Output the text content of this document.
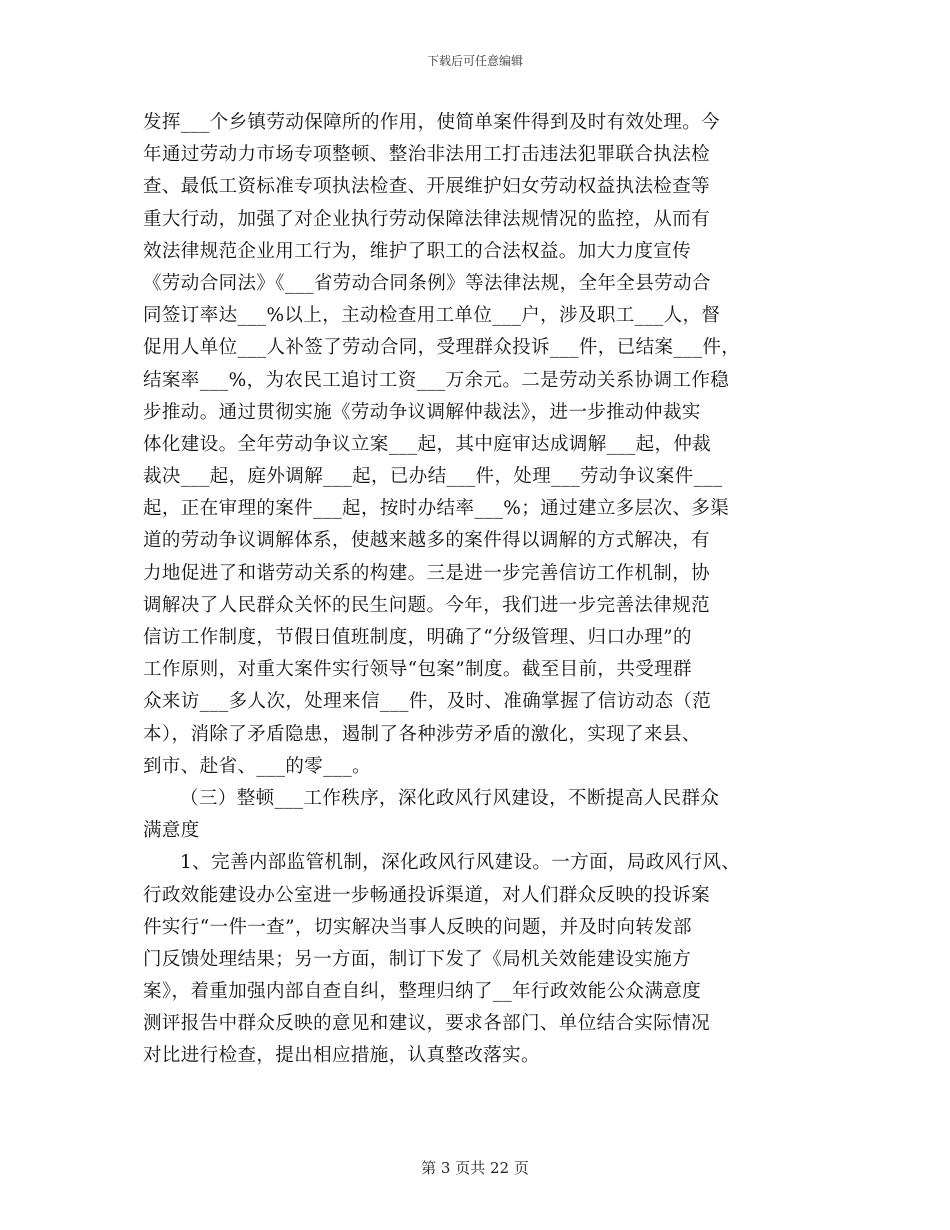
下载后可任意编辑
发挥___个乡镇劳动保障所的作用，使简单案件得到及时有效处理。今
年通过劳动力市场专项整顿、整治非法用工打击违法犯罪联合执法检
查、最低工资标准专项执法检查、开展维护妇女劳动权益执法检查等
重大行动，加强了对企业执行劳动保障法律法规情况的监控，从而有
效法律规范企业用工行为，维护了职工的合法权益。加大力度宣传
《劳动合同法》《___省劳动合同条例》等法律法规，全年全县劳动合
同签订率达___%以上，主动检查用工单位___户，涉及职工___人，督
促用人单位___人补签了劳动合同，受理群众投诉___件，已结案___件，
结案率___%，为农民工追讨工资___万余元。二是劳动关系协调工作稳
步推动。通过贯彻实施《劳动争议调解仲裁法》，进一步推动仲裁实
体化建设。全年劳动争议立案___起，其中庭审达成调解___起，仲裁
裁决___起，庭外调解___起，已办结___件，处理___劳动争议案件___
起，正在审理的案件___起，按时办结率___%；通过建立多层次、多渠
道的劳动争议调解体系，使越来越多的案件得以调解的方式解决，有
力地促进了和谐劳动关系的构建。三是进一步完善信访工作机制，协
调解决了人民群众关怀的民生问题。今年，我们进一步完善法律规范
信访工作制度，节假日值班制度，明确了“分级管理、归口办理”的
工作原则，对重大案件实行领导“包案”制度。截至目前，共受理群
众来访___多人次，处理来信___件，及时、准确掌握了信访动态（范
本），消除了矛盾隐患，遏制了各种涉劳矛盾的激化，实现了来县、
到市、赴省、___的零___。
（三）整顿___工作秩序，深化政风行风建设，不断提高人民群众
满意度
1、完善内部监管机制，深化政风行风建设。一方面，局政风行风、
行政效能建设办公室进一步畅通投诉渠道，对人们群众反映的投诉案
件实行“一件一查”，切实解决当事人反映的问题，并及时向转发部
门反馈处理结果；另一方面，制订下发了《局机关效能建设实施方
案》，着重加强内部自查自纠，整理归纳了__年行政效能公众满意度
测评报告中群众反映的意见和建议，要求各部门、单位结合实际情况
对比进行检查，提出相应措施，认真整改落实。
第 3 页共 22 页
